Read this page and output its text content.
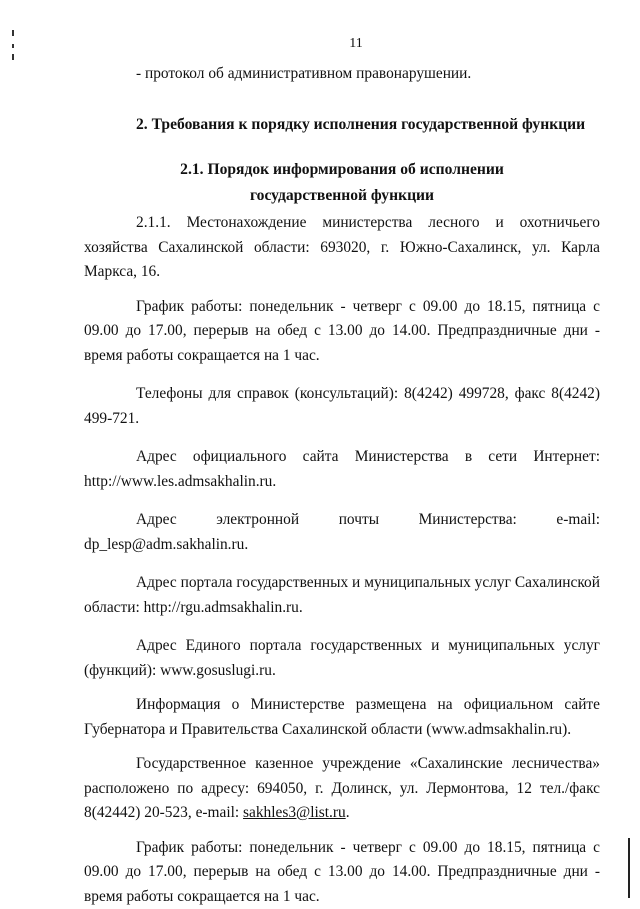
11

- протокол об административном правонарушении.

2. Требования к порядку исполнения государственной функции

2.1. Порядок информирования об исполнении
государственной функции

2.1.1. Местонахождение министерства лесного и охотничьего хозяйства Сахалинской области: 693020, г. Южно-Сахалинск, ул. Карла Маркса, 16.

График работы: понедельник - четверг с 09.00 до 18.15, пятница с 09.00 до 17.00, перерыв на обед с 13.00 до 14.00. Предпраздничные дни - время работы сокращается на 1 час.

Телефоны для справок (консультаций): 8(4242) 499728, факс 8(4242) 499-721.

Адрес официального сайта Министерства в сети Интернет: http://www.les.admsakhalin.ru.

Адрес электронной почты Министерства: e-mail: dp_lesp@adm.sakhalin.ru.

Адрес портала государственных и муниципальных услуг Сахалинской области: http://rgu.admsakhalin.ru.

Адрес Единого портала государственных и муниципальных услуг (функций): www.gosuslugi.ru.

Информация о Министерстве размещена на официальном сайте Губернатора и Правительства Сахалинской области (www.admsakhalin.ru).

Государственное казенное учреждение «Сахалинские лесничества» расположено по адресу: 694050, г. Долинск, ул. Лермонтова, 12 тел./факс 8(42442) 20-523, e-mail: sakhles3@list.ru.

График работы: понедельник - четверг с 09.00 до 18.15, пятница с 09.00 до 17.00, перерыв на обед с 13.00 до 14.00. Предпраздничные дни - время работы сокращается на 1 час.
